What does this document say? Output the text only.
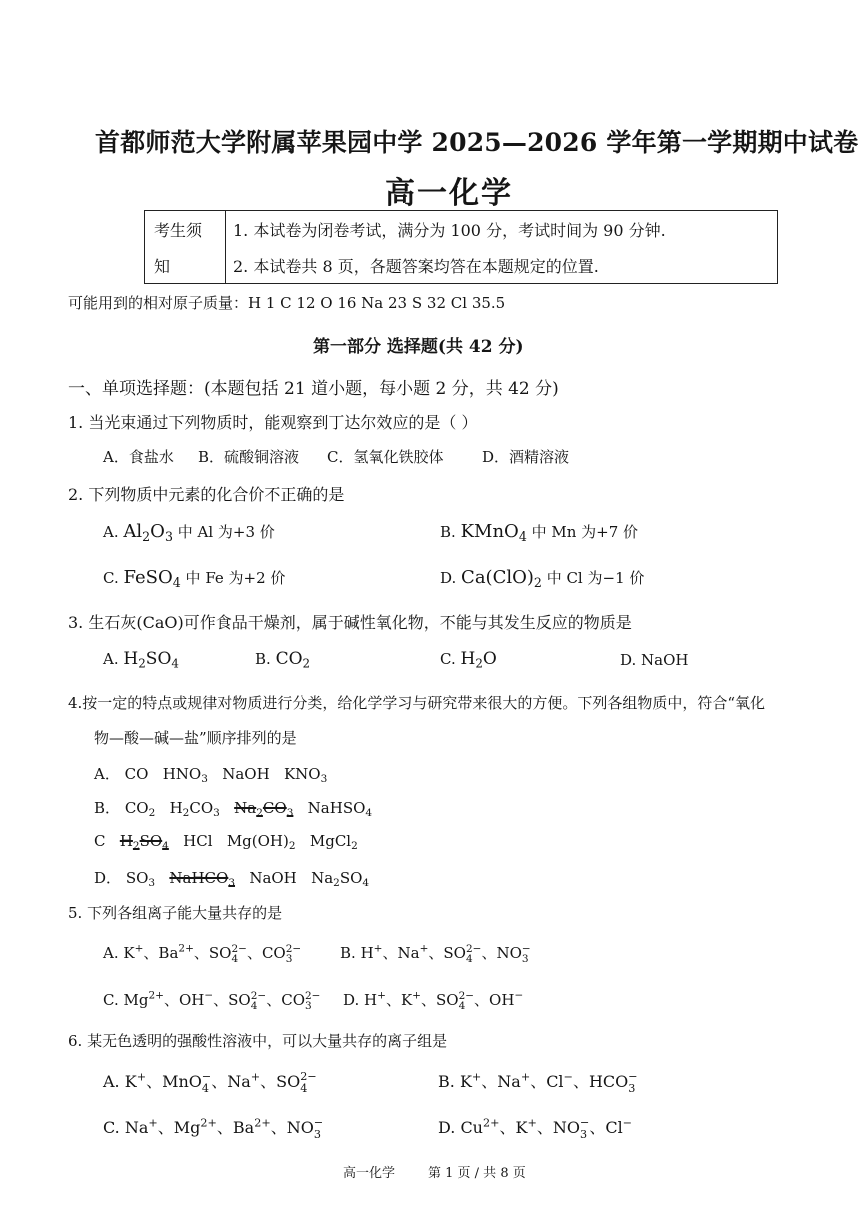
首都师范大学附属苹果园中学 2025—2026 学年第一学期期中试卷
高一化学
考生须
知
1. 本试卷为闭卷考试，满分为 100 分，考试时间为 90 分钟.
2. 本试卷共 8 页，各题答案均答在本题规定的位置.
可能用到的相对原子质量：H 1 C 12 O 16 Na 23 S 32 Cl 35.5
第一部分 选择题(共 42 分)
一、单项选择题：(本题包括 21 道小题，每小题 2 分，共 42 分)
1. 当光束通过下列物质时，能观察到丁达尔效应的是（ ）
A．食盐水 B．硫酸铜溶液 C．氢氧化铁胶体	D．酒精溶液
2. 下列物质中元素的化合价不正确的是
A. $Al_2O_3$ 中 Al 为+3 价	B. KMnO$_4$ 中 Mn 为+7 价
C. FeSO$_4$ 中 Fe 为+2 价	D. $Ca(ClO)_2$ 中 Cl 为−1 价
3. 生石灰(CaO)可作食品干燥剂，属于碱性氧化物，不能与其发生反应的物质是
A. $H_2SO_4$	B. $CO_2$	C. $H_2O$	D. NaOH
4.按一定的特点或规律对物质进行分类，给化学学习与研究带来很大的方便。下列各组物质中，符合“氧化
物—酸—碱—盐”顺序排列的是
A． CO   $HNO_3$   NaOH   $KNO_3$
B． $CO_2$   $H_2CO_3$ $Na_2CO_3$   NaHSO$_4$
C $H_2SO_4$   HCl   $Mg(OH)_2$   MgCl$_2$
D． $SO_3$ NaHCO$_3$   NaOH   $Na_2SO_4$
5. 下列各组离子能大量共存的是
A. K+、$Ba^{2+}$、SO 2−
4 、CO 2−
3	B. H+、Na+、SO 2−
4 、NO −
3
C. $Mg^{2+}$、OH−、SO 2−
4 、CO 2−
3	D. H+、K+、SO 2−
4 、OH−
6. 某无色透明的强酸性溶液中，可以大量共存的离子组是
A. K+、MnO −
4 、Na+、SO 2−
4	B. K+、Na+、Cl−、HCO −
3
C. Na+、$Mg^{2+}$、$Ba^{2+}$、NO −
3	D. $Cu^{2+}$、K+、NO −
3 、Cl−
高一化学	第 1 页 / 共 8 页
